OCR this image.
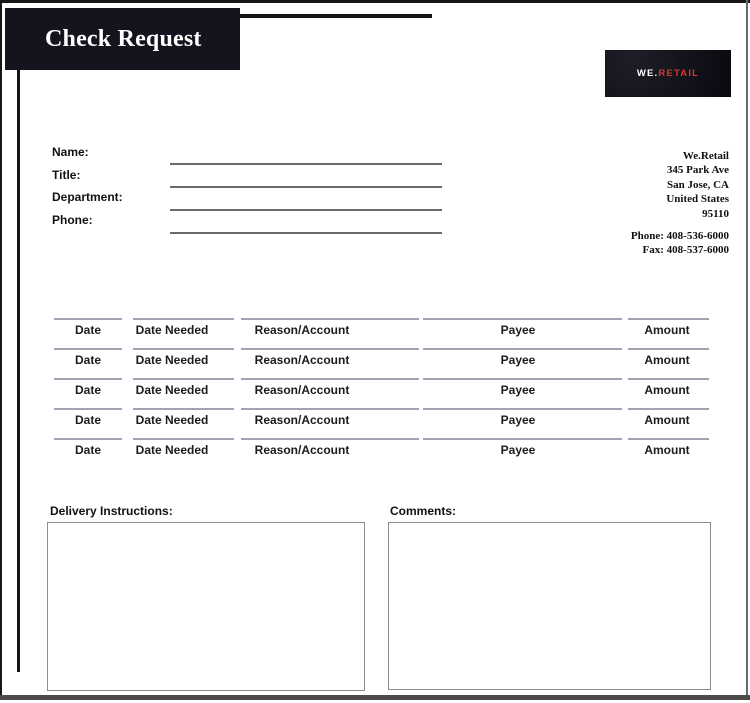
Check Request
WE. RETAIL
Name:
Title:
Department:
Phone:
We.Retail
345 Park Ave
San Jose, CA
United States
95110
Phone: 408-536-6000
Fax: 408-537-6000
Date	Date Needed	Reason/Account	Payee	Amount
Date	Date Needed	Reason/Account	Payee	Amount
Date	Date Needed	Reason/Account	Payee	Amount
Date	Date Needed	Reason/Account	Payee	Amount
Date	Date Needed	Reason/Account	Payee	Amount
Delivery Instructions:	Comments:
